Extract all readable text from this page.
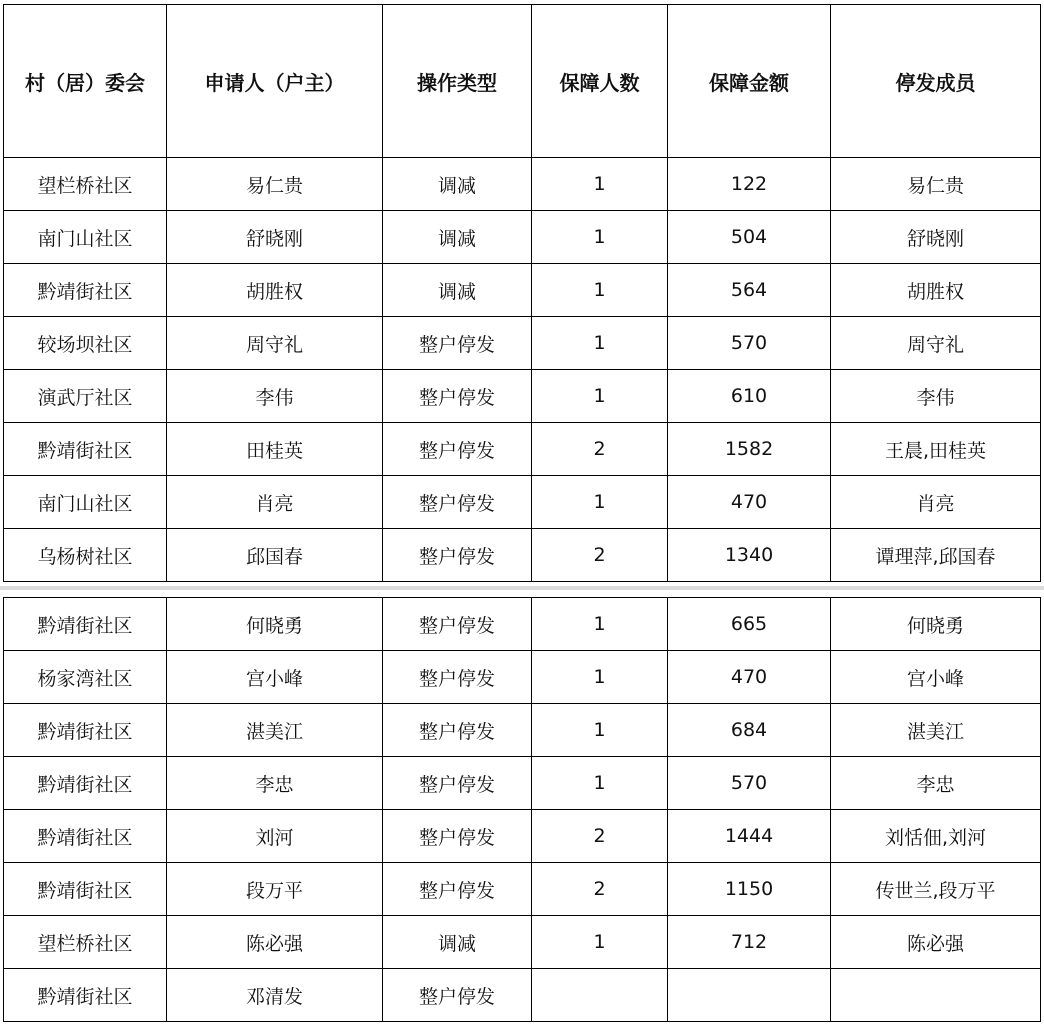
村（居）委会	申请人（户主）	操作类型	保障人数	保障金额	停发成员
望栏桥社区	易仁贵	调减	1	122	易仁贵
南门山社区	舒晓刚	调减	1	504	舒晓刚
黔靖街社区	胡胜权	调减	1	564	胡胜权
较场坝社区	周守礼	整户停发	1	570	周守礼
演武厅社区	李伟	整户停发	1	610	李伟
黔靖街社区	田桂英	整户停发	2	1582	王晨,田桂英
南门山社区	肖亮	整户停发	1	470	肖亮
乌杨树社区	邱国春	整户停发	2	1340	谭理萍,邱国春
黔靖街社区	何晓勇	整户停发	1	665	何晓勇
杨家湾社区	宫小峰	整户停发	1	470	宫小峰
黔靖街社区	湛美江	整户停发	1	684	湛美江
黔靖街社区	李忠	整户停发	1	570	李忠
黔靖街社区	刘河	整户停发	2	1444	刘恬佃,刘河
黔靖街社区	段万平	整户停发	2	1150	传世兰,段万平
望栏桥社区	陈必强	调减	1	712	陈必强
黔靖街社区	邓清发	整户停发			
